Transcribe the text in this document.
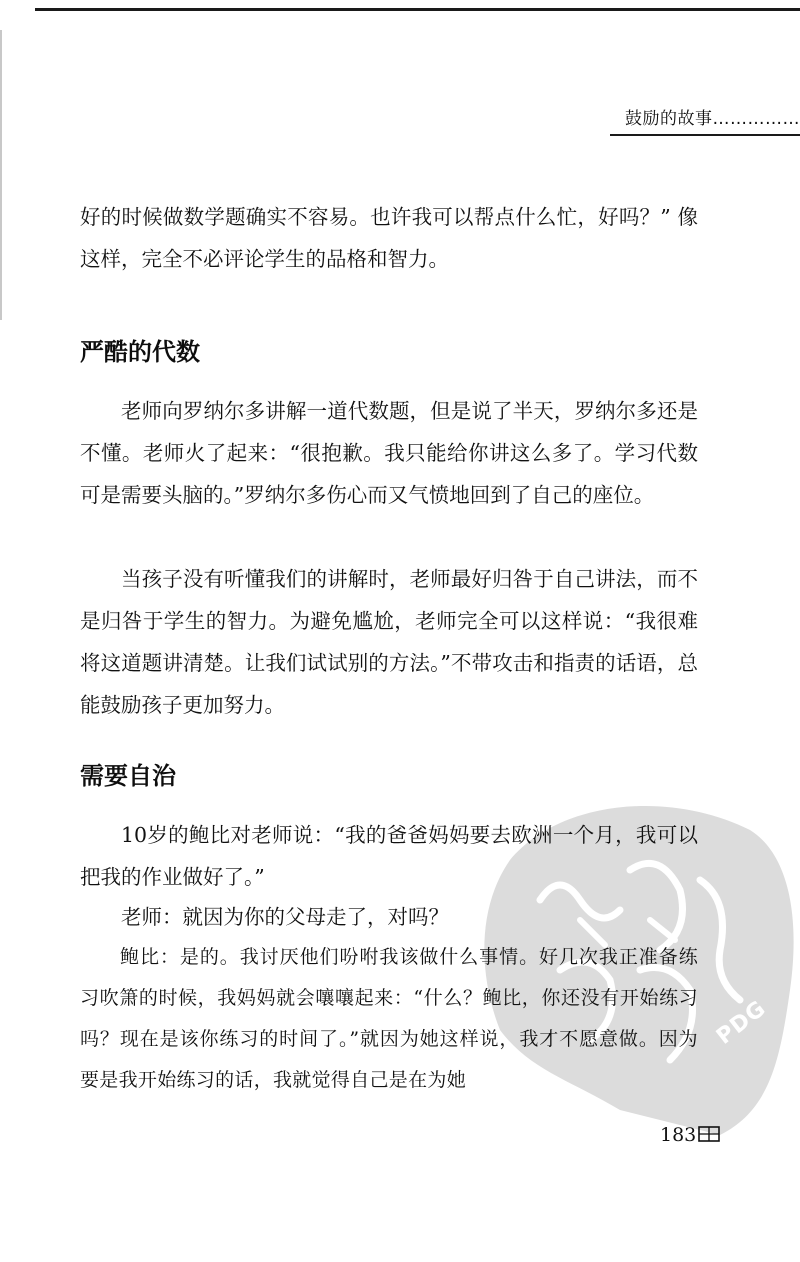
鼓励的故事……………

好的时候做数学题确实不容易。也许我可以帮点什么忙，好吗？” 像这样，完全不必评论学生的品格和智力。

严酷的代数

老师向罗纳尔多讲解一道代数题，但是说了半天，罗纳尔多还是不懂。老师火了起来：“很抱歉。我只能给你讲这么多了。学习代数可是需要头脑的。”罗纳尔多伤心而又气愤地回到了自己的座位。

当孩子没有听懂我们的讲解时，老师最好归咎于自己讲法，而不是归咎于学生的智力。为避免尴尬，老师完全可以这样说：“我很难将这道题讲清楚。让我们试试别的方法。”不带攻击和指责的话语，总能鼓励孩子更加努力。

需要自治
PDG

10岁的鲍比对老师说：“我的爸爸妈妈要去欧洲一个月，我可以把我的作业做好了。”

老师：就因为你的父母走了，对吗？

鲍比：是的。我讨厌他们吩咐我该做什么事情。好几次我正准备练习吹箫的时候，我妈妈就会嚷嚷起来：“什么？鲍比，你还没有开始练习吗？现在是该你练习的时间了。”就因为她这样说，我才不愿意做。因为要是我开始练习的话，我就觉得自己是在为她

183
